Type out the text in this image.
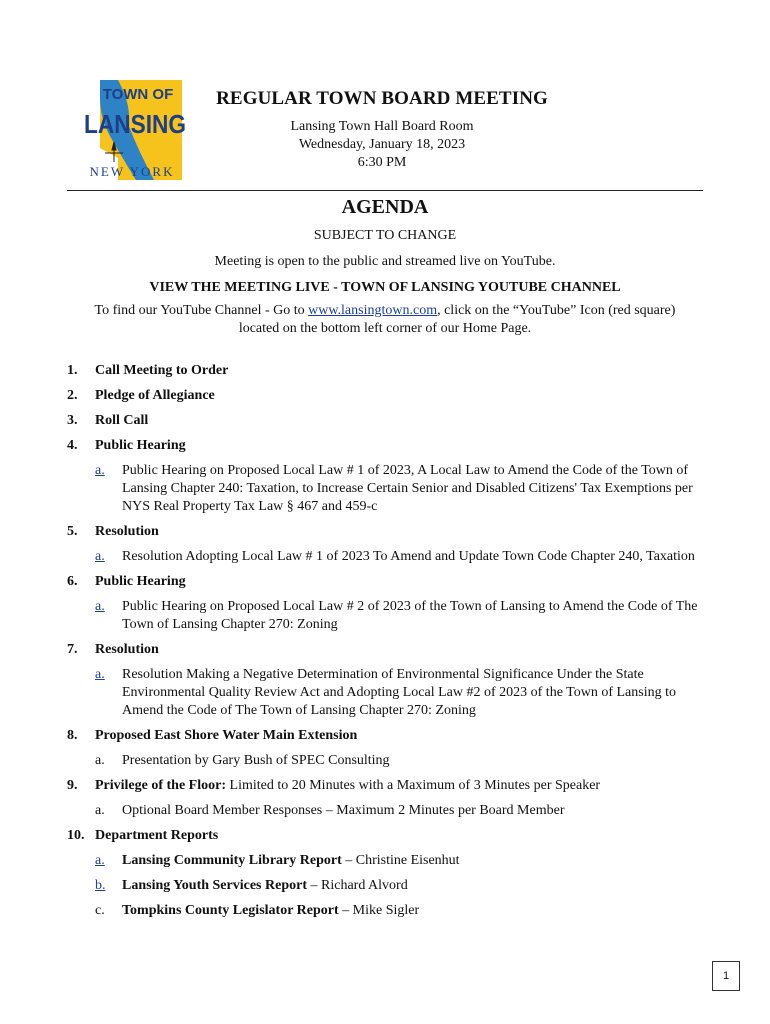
TOWN OF
LANSING
NEW YORK
REGULAR TOWN BOARD MEETING
Lansing Town Hall Board Room
Wednesday, January 18, 2023
6:30 PM
AGENDA
SUBJECT TO CHANGE
Meeting is open to the public and streamed live on YouTube.
VIEW THE MEETING LIVE - TOWN OF LANSING YOUTUBE CHANNEL
To find our YouTube Channel - Go to www.lansingtown.com, click on the “YouTube” Icon (red square)
located on the bottom left corner of our Home Page.
1. Call Meeting to Order
2. Pledge of Allegiance
3. Roll Call
4. Public Hearing
a. Public Hearing on Proposed Local Law # 1 of 2023, A Local Law to Amend the Code of the Town of Lansing Chapter 240: Taxation, to Increase Certain Senior and Disabled Citizens' Tax Exemptions per NYS Real Property Tax Law § 467 and 459-c
5. Resolution
a. Resolution Adopting Local Law # 1 of 2023 To Amend and Update Town Code Chapter 240, Taxation
6. Public Hearing
a. Public Hearing on Proposed Local Law # 2 of 2023 of the Town of Lansing to Amend the Code of The Town of Lansing Chapter 270: Zoning
7. Resolution
a. Resolution Making a Negative Determination of Environmental Significance Under the State Environmental Quality Review Act and Adopting Local Law #2 of 2023 of the Town of Lansing to Amend the Code of The Town of Lansing Chapter 270: Zoning
8. Proposed East Shore Water Main Extension
a. Presentation by Gary Bush of SPEC Consulting
9. Privilege of the Floor: Limited to 20 Minutes with a Maximum of 3 Minutes per Speaker
a. Optional Board Member Responses – Maximum 2 Minutes per Board Member
10. Department Reports
a. Lansing Community Library Report – Christine Eisenhut
b. Lansing Youth Services Report – Richard Alvord
c. Tompkins County Legislator Report – Mike Sigler
1
